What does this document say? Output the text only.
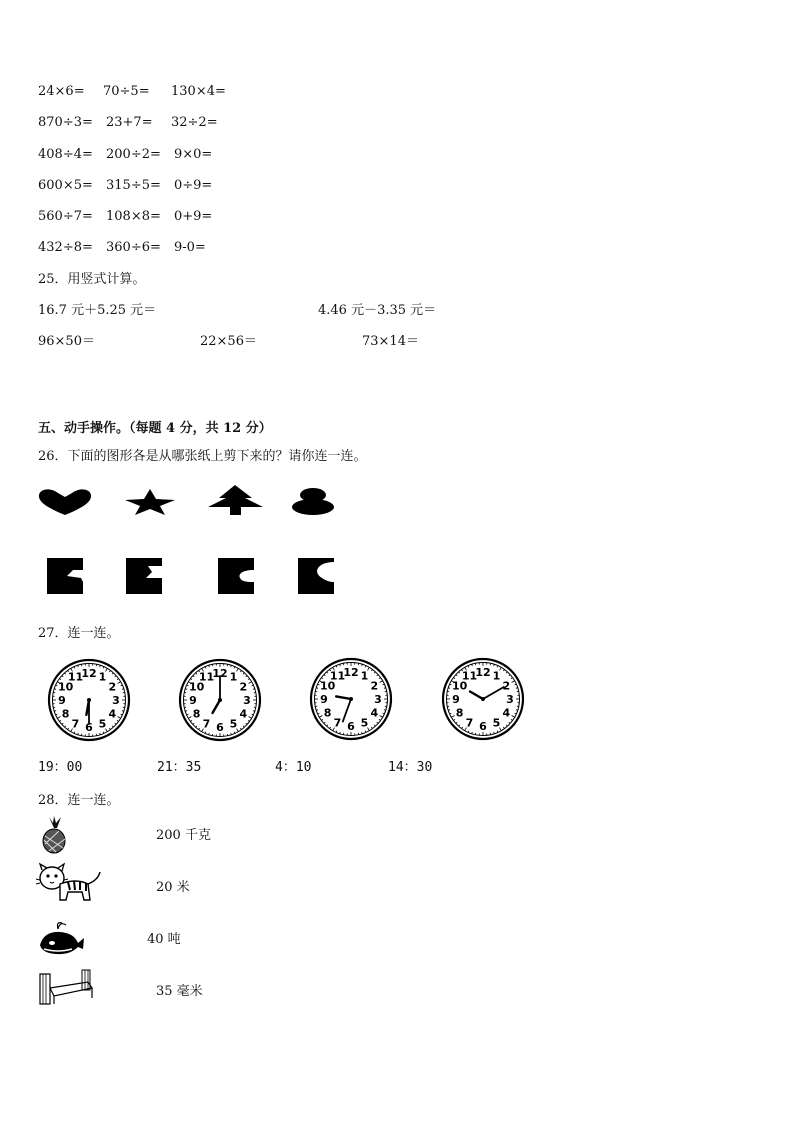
24×6= 70÷5= 130×4=
870÷3= 23+7= 32÷2=
408÷4= 200÷2= 9×0=
600×5= 315÷5= 0÷9=
560÷7= 108×8= 0+9=
432÷8= 360÷6= 9-0=
25．用竖式计算。
16.7 元＋5.25 元＝	4.46 元－3.35 元＝
96×50＝	22×56＝	73×14＝
五、动手操作。（每题 4 分，共 12 分）
26．下面的图形各是从哪张纸上剪下来的？请你连一连。
27．连一连。
12 1
2
3
4
5
6
7
8
9
10
11	12 1
2
3
4
5
6
7
8
9
10
11	12 1
2
3
4
5
6
7
8
9
10
11	12 1
2
3
4
5
6
7
8
9
10
11
19：00	21：35	4：10	14：30
28．连一连。
200 千克
20 米
40 吨
35 毫米
